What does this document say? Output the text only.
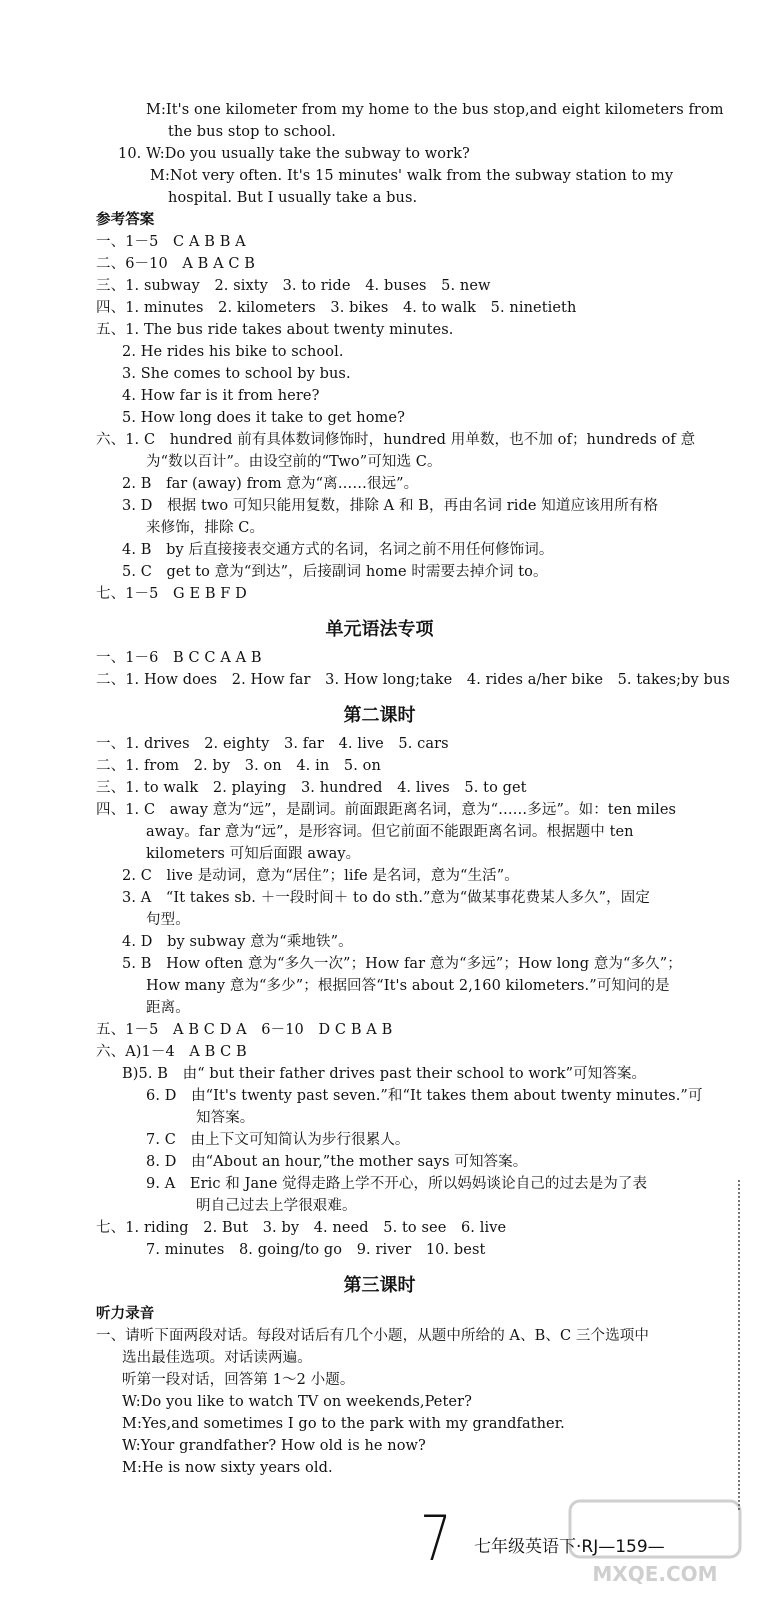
M:It's one kilometer from my home to the bus stop,and eight kilometers from
the bus stop to school.
10. W:Do you usually take the subway to work?
M:Not very often. It's 15 minutes' walk from the subway station to my
hospital. But I usually take a bus.
参考答案
一、1－5　C A B B A
二、6－10　A B A C B
三、1. subway　2. sixty　3. to ride　4. buses　5. new
四、1. minutes　2. kilometers　3. bikes　4. to walk　5. ninetieth
五、1. The bus ride takes about twenty minutes.
2. He rides his bike to school.
3. She comes to school by bus.
4. How far is it from here?
5. How long does it take to get home?
六、1. C　hundred 前有具体数词修饰时，hundred 用单数，也不加 of；hundreds of 意
为“数以百计”。由设空前的“Two”可知选 C。
2. B　far (away) from 意为“离……很远”。
3. D　根据 two 可知只能用复数，排除 A 和 B，再由名词 ride 知道应该用所有格
来修饰，排除 C。
4. B　by 后直接接表交通方式的名词，名词之前不用任何修饰词。
5. C　get to 意为“到达”，后接副词 home 时需要去掉介词 to。
七、1－5　G E B F D
单元语法专项
一、1－6　B C C A A B
二、1. How does　2. How far　3. How long;take　4. rides a/her bike　5. takes;by bus
第二课时
一、1. drives　2. eighty　3. far　4. live　5. cars
二、1. from　2. by　3. on　4. in　5. on
三、1. to walk　2. playing　3. hundred　4. lives　5. to get
四、1. C　away 意为“远”，是副词。前面跟距离名词，意为“……多远”。如：ten miles
away。far 意为“远”，是形容词。但它前面不能跟距离名词。根据题中 ten
kilometers 可知后面跟 away。
2. C　live 是动词，意为“居住”；life 是名词，意为“生活”。
3. A　“It takes sb. ＋一段时间＋ to do sth.”意为“做某事花费某人多久”，固定
句型。
4. D　by subway 意为“乘地铁”。
5. B　How often 意为“多久一次”；How far 意为“多远”；How long 意为“多久”；
How many 意为“多少”；根据回答“It's about 2,160 kilometers.”可知问的是
距离。
五、1－5　A B C D A　6－10　D C B A B
六、A)1－4　A B C B
B)5. B　由“ but their father drives past their school to work”可知答案。
6. D　由“It's twenty past seven.”和“It takes them about twenty minutes.”可
知答案。
7. C　由上下文可知简认为步行很累人。
8. D　由“About an hour,”the mother says 可知答案。
9. A　Eric 和 Jane 觉得走路上学不开心，所以妈妈谈论自己的过去是为了表
明自己过去上学很艰难。
七、1. riding　2. But　3. by　4. need　5. to see　6. live
7. minutes　8. going/to go　9. river　10. best
第三课时
听力录音
一、请听下面两段对话。每段对话后有几个小题，从题中所给的 A、B、C 三个选项中
选出最佳选项。对话读两遍。
听第一段对话，回答第 1～2 小题。
W:Do you like to watch TV on weekends,Peter?
M:Yes,and sometimes I go to the park with my grandfather.
W:Your grandfather? How old is he now?
M:He is now sixty years old.
7 七年级英语下·RJ—159—
MXQE.COM
